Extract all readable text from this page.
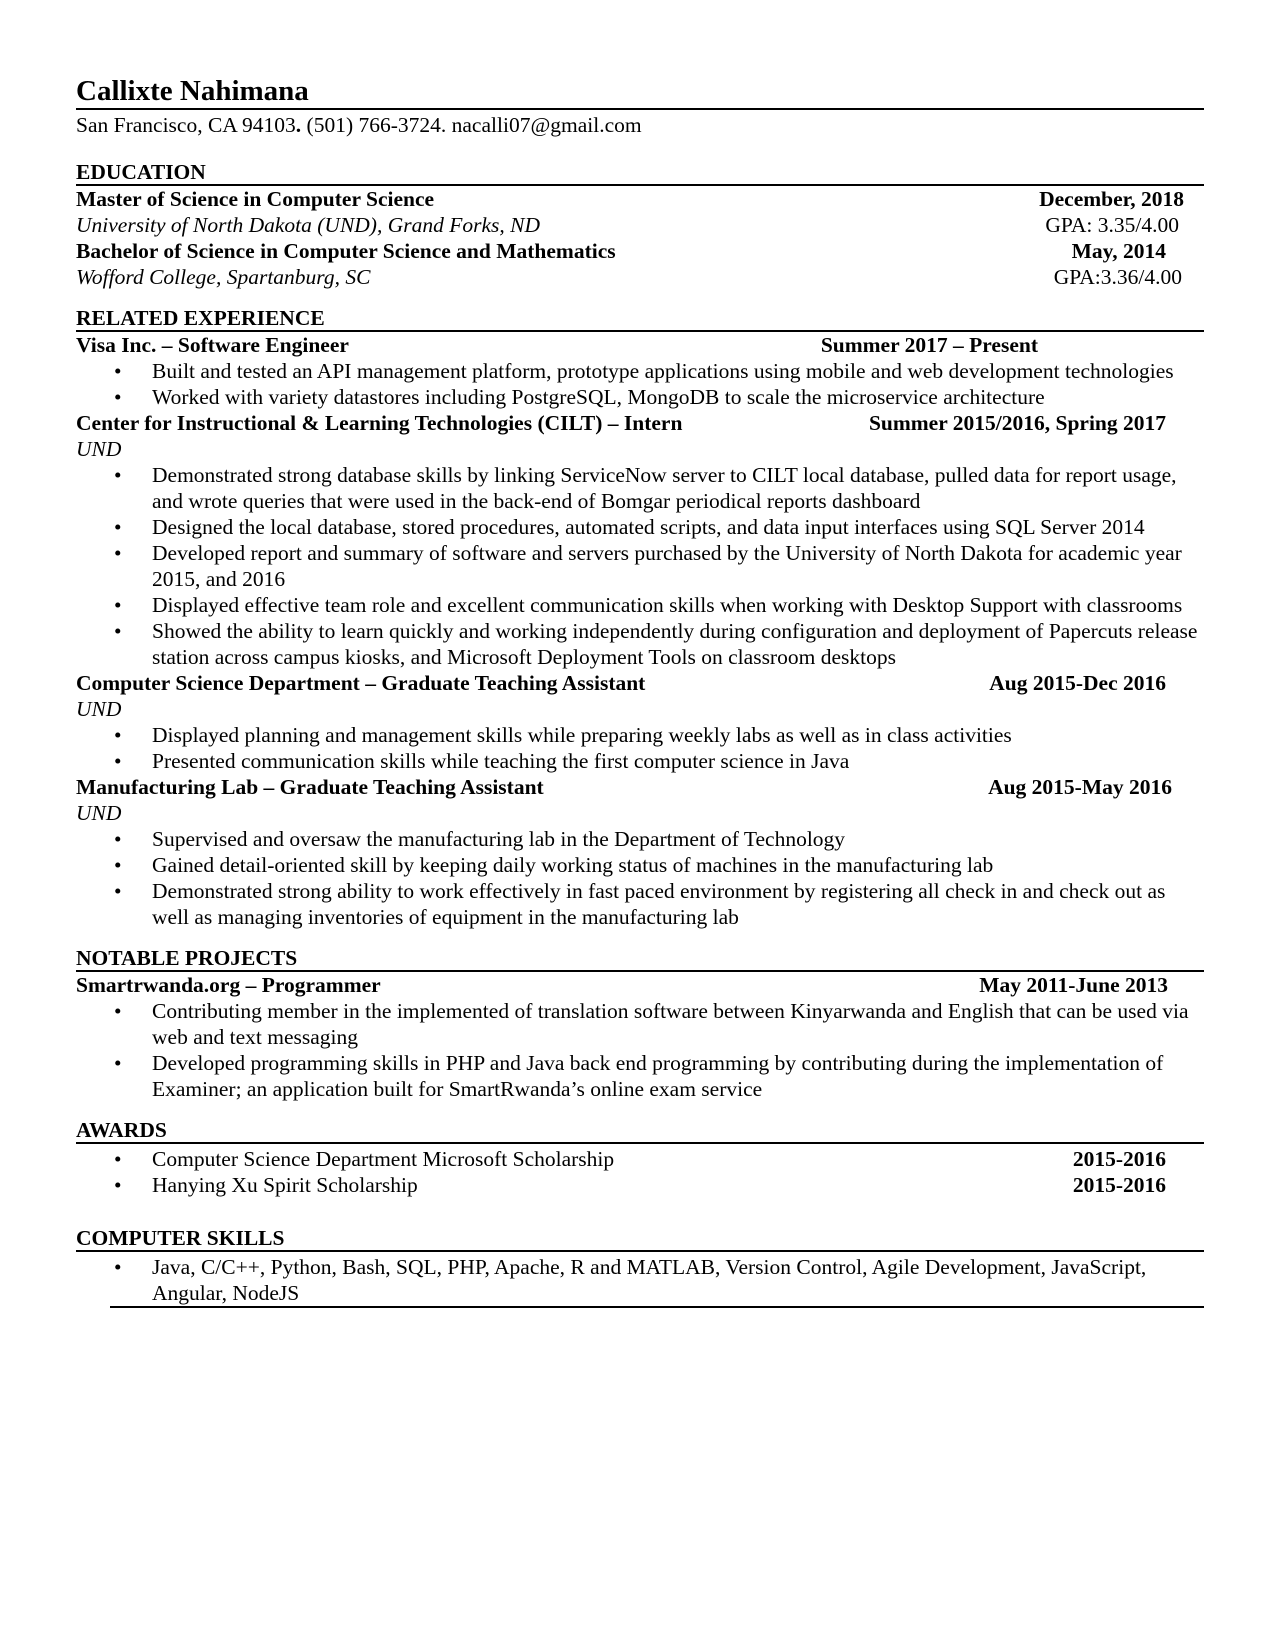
Callixte Nahimana
San Francisco, CA 94103. (501) 766-3724. nacalli07@gmail.com
EDUCATION
Master of Science in Computer Science	December, 2018
University of North Dakota (UND), Grand Forks, ND	GPA: 3.35/4.00
Bachelor of Science in Computer Science and Mathematics	May, 2014
Wofford College, Spartanburg, SC	GPA:3.36/4.00
RELATED EXPERIENCE
Visa Inc. – Software Engineer	Summer 2017 – Present
• Built and tested an API management platform, prototype applications using mobile and web development technologies
• Worked with variety datastores including PostgreSQL, MongoDB to scale the microservice architecture
Center for Instructional & Learning Technologies (CILT) – Intern	Summer 2015/2016, Spring 2017
UND
• Demonstrated strong database skills by linking ServiceNow server to CILT local database, pulled data for report usage, and wrote queries that were used in the back-end of Bomgar periodical reports dashboard
• Designed the local database, stored procedures, automated scripts, and data input interfaces using SQL Server 2014
• Developed report and summary of software and servers purchased by the University of North Dakota for academic year 2015, and 2016
• Displayed effective team role and excellent communication skills when working with Desktop Support with classrooms
• Showed the ability to learn quickly and working independently during configuration and deployment of Papercuts release station across campus kiosks, and Microsoft Deployment Tools on classroom desktops
Computer Science Department – Graduate Teaching Assistant	Aug 2015-Dec 2016
UND
• Displayed planning and management skills while preparing weekly labs as well as in class activities
• Presented communication skills while teaching the first computer science in Java
Manufacturing Lab – Graduate Teaching Assistant	Aug 2015-May 2016
UND
• Supervised and oversaw the manufacturing lab in the Department of Technology
• Gained detail-oriented skill by keeping daily working status of machines in the manufacturing lab
• Demonstrated strong ability to work effectively in fast paced environment by registering all check in and check out as well as managing inventories of equipment in the manufacturing lab
NOTABLE PROJECTS
Smartrwanda.org – Programmer	May 2011-June 2013
• Contributing member in the implemented of translation software between Kinyarwanda and English that can be used via web and text messaging
• Developed programming skills in PHP and Java back end programming by contributing during the implementation of Examiner; an application built for SmartRwanda’s online exam service
AWARDS
• Computer Science Department Microsoft Scholarship	2015-2016
• Hanying Xu Spirit Scholarship	2015-2016
COMPUTER SKILLS
• Java, C/C++, Python, Bash, SQL, PHP, Apache, R and MATLAB, Version Control, Agile Development, JavaScript, Angular, NodeJS
